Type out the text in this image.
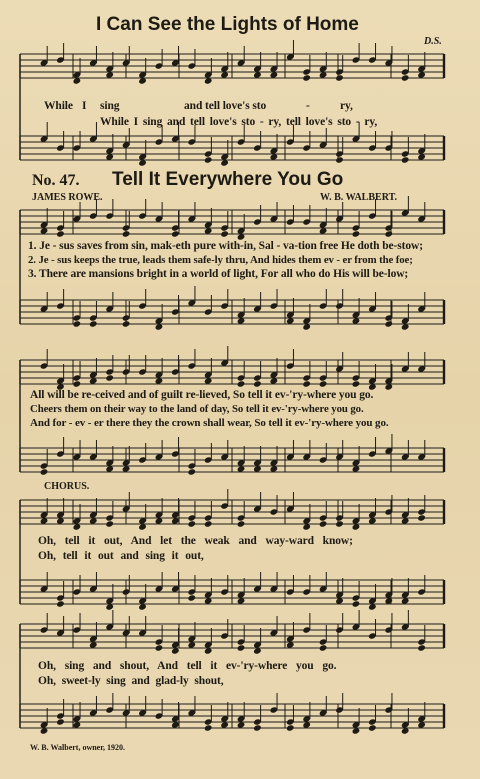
I Can See the Lights of Home
D.S.
While I sing	and tell love's sto	-	ry,
While I sing and tell love's sto - ry, tell love's sto - ry,
No. 47. Tell It Everywhere You Go
JAMES ROWE.	W. B. WALBERT.
1. Je - sus saves from sin, mak-eth pure with-in, Sal - va-tion free He doth be-stow;
2. Je - sus keeps the true, leads them safe-ly thru, And hides them ev - er from the foe;
3. There are mansions bright in a world of light, For all who do His will be-low;
All will be re-ceived and of guilt re-lieved, So tell it ev-'ry-where you go.
Cheers them on their way to the land of day, So tell it ev-'ry-where you go.
And for - ev - er there they the crown shall wear, So tell it ev-'ry-where you go.
CHORUS.
Oh, tell it out, And let the weak and way-ward know;
Oh, tell it out and sing it out,
Oh, sing and shout, And tell it ev-'ry-where you go.
Oh, sweet-ly sing and glad-ly shout,
W. B. Walbert, owner, 1920.
